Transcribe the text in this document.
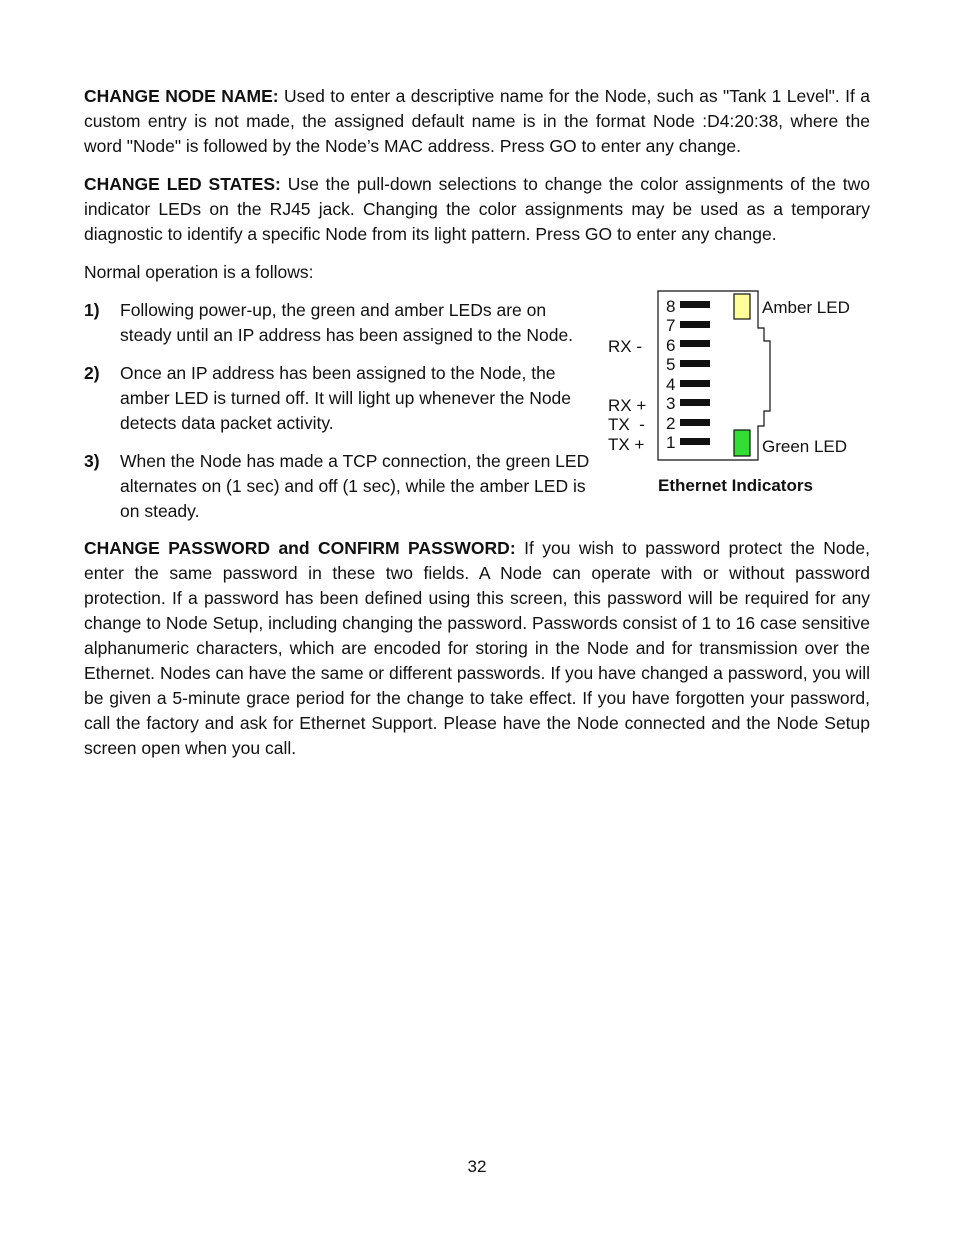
CHANGE NODE NAME: Used to enter a descriptive name for the Node, such as "Tank 1 Level". If a custom entry is not made, the assigned default name is in the format Node :D4:20:38, where the word "Node" is followed by the Node’s MAC address. Press GO to enter any change.

CHANGE LED STATES: Use the pull-down selections to change the color assignments of the two indicator LEDs on the RJ45 jack. Changing the color assignments may be used as a temporary diagnostic to identify a specific Node from its light pattern. Press GO to enter any change.

Normal operation is a follows:

1)	Following power-up, the green and amber LEDs are on steady until an IP address has been assigned to the Node.
2)	Once an IP address has been assigned to the Node, the amber LED is turned off. It will light up whenever the Node detects data packet activity.
3)	When the Node has made a TCP connection, the green LED alternates on (1 sec) and off (1 sec), while the amber LED is on steady.
8
7
6
5
4
3
2
1
Amber LED
Green LED
RX -
RX +
TX  -
TX +
Ethernet Indicators

CHANGE PASSWORD and CONFIRM PASSWORD: If you wish to password protect the Node, enter the same password in these two fields. A Node can operate with or without password protection. If a password has been defined using this screen, this password will be required for any change to Node Setup, including changing the password. Passwords consist of 1 to 16 case sensitive alphanumeric characters, which are encoded for storing in the Node and for transmission over the Ethernet. Nodes can have the same or different passwords. If you have changed a password, you will be given a 5-minute grace period for the change to take effect. If you have forgotten your password, call the factory and ask for Ethernet Support. Please have the Node connected and the Node Setup screen open when you call.

32
